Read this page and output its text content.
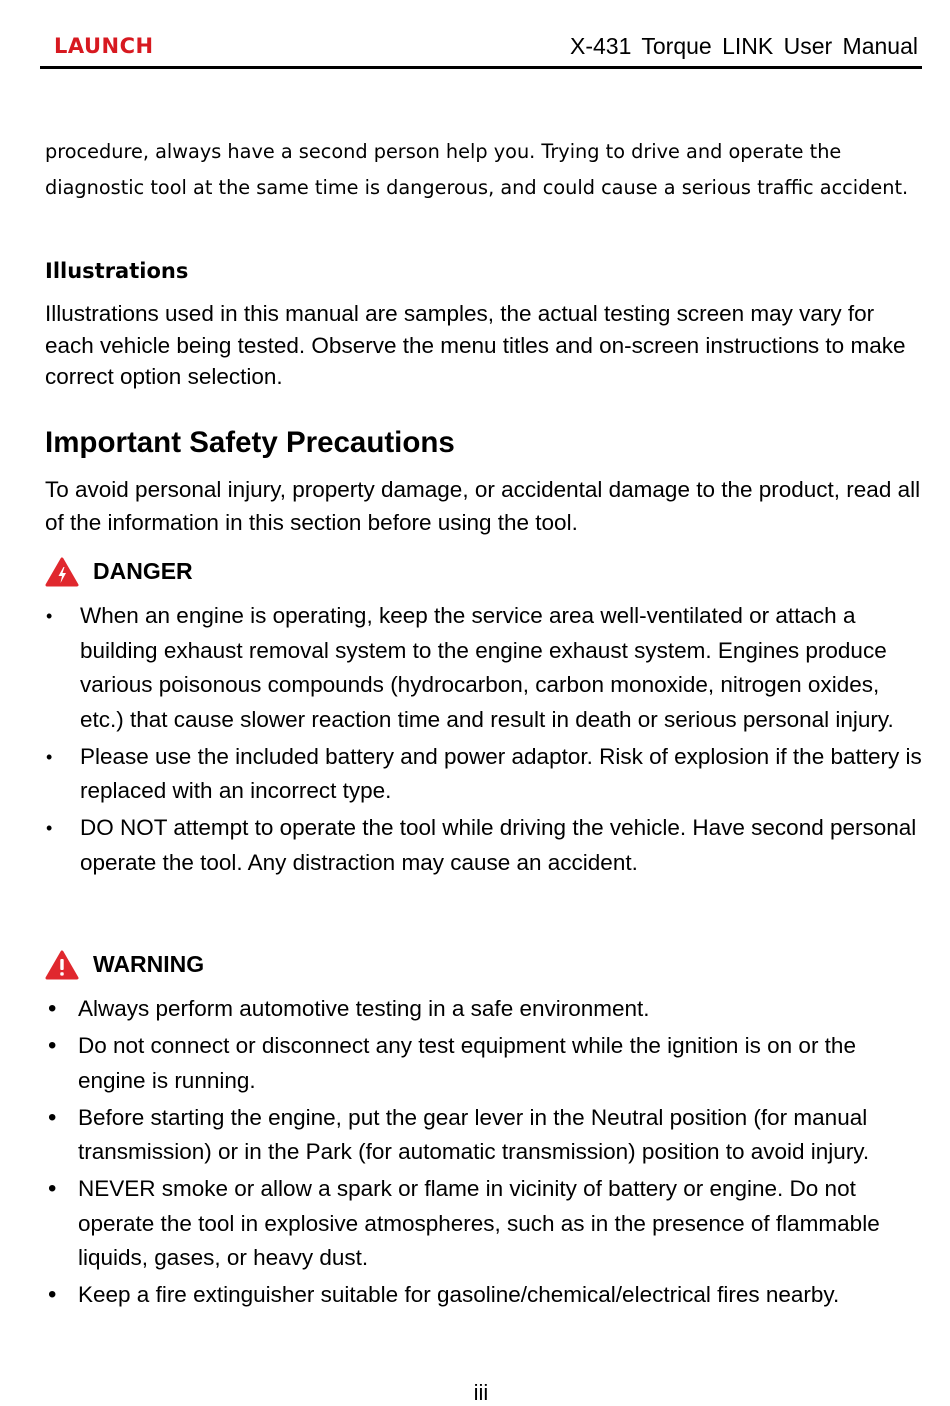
LAUNCH	X-431 Torque LINK User Manual
procedure, always have a second person help you. Trying to drive and operate the diagnostic tool at the same time is dangerous, and could cause a serious traffic accident.
Illustrations
Illustrations used in this manual are samples, the actual testing screen may vary for each vehicle being tested. Observe the menu titles and on-screen instructions to make correct option selection.
Important Safety Precautions
To avoid personal injury, property damage, or accidental damage to the product, read all of the information in this section before using the tool.
DANGER
• When an engine is operating, keep the service area well-ventilated or attach a building exhaust removal system to the engine exhaust system. Engines produce various poisonous compounds (hydrocarbon, carbon monoxide, nitrogen oxides, etc.) that cause slower reaction time and result in death or serious personal injury.
• Please use the included battery and power adaptor. Risk of explosion if the battery is replaced with an incorrect type.
• DO NOT attempt to operate the tool while driving the vehicle. Have second personal operate the tool. Any distraction may cause an accident.
WARNING
• Always perform automotive testing in a safe environment.
• Do not connect or disconnect any test equipment while the ignition is on or the engine is running.
• Before starting the engine, put the gear lever in the Neutral position (for manual transmission) or in the Park (for automatic transmission) position to avoid injury.
• NEVER smoke or allow a spark or flame in vicinity of battery or engine. Do not operate the tool in explosive atmospheres, such as in the presence of flammable liquids, gases, or heavy dust.
• Keep a fire extinguisher suitable for gasoline/chemical/electrical fires nearby.
iii
